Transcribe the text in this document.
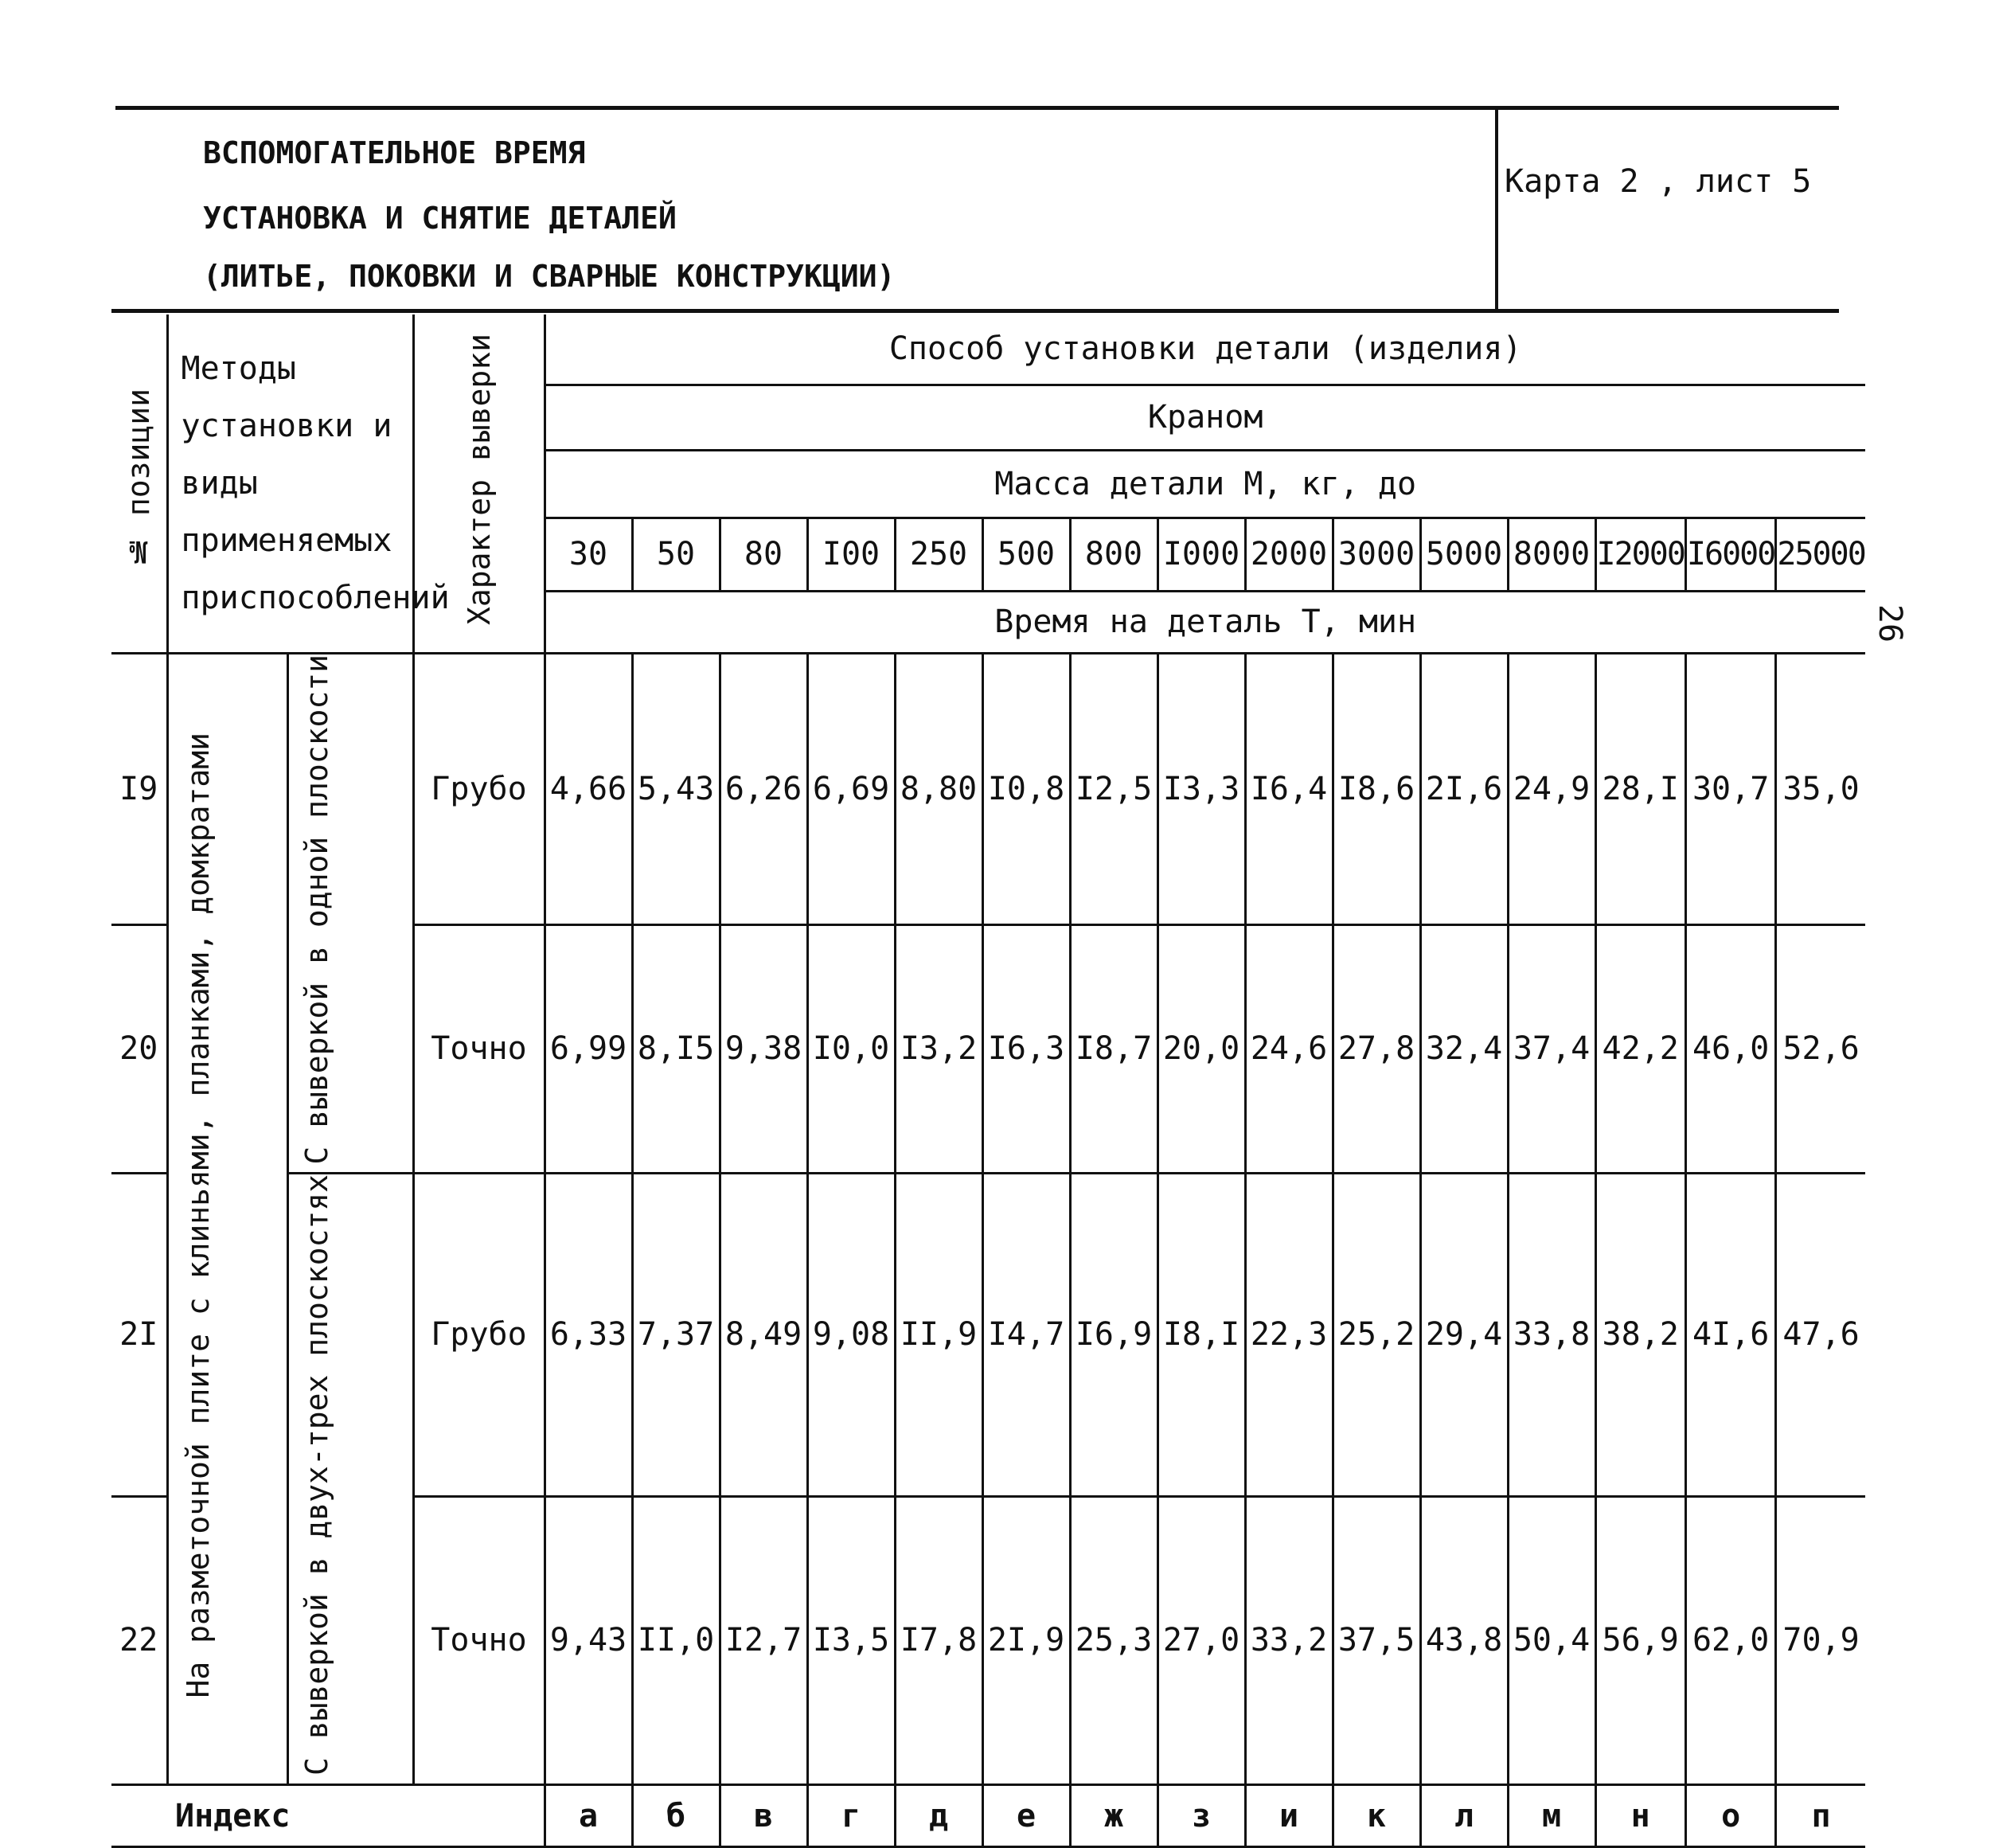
ВСПОМОГАТЕЛЬНОЕ ВРЕМЯ
УСТАНОВКА И СНЯТИЕ ДЕТАЛЕЙ
(ЛИТЬЕ, ПОКОВКИ И СВАРНЫЕ КОНСТРУКЦИИ)
Карта 2 , лист 5
26
№ позиции	Методы установки и виды применяемых приспособлений		Характер выверки	Способ установки детали (изделия)														
				Краном														
				Масса детали М, кг, до														
				30	50	80	I00	250	500	800	I000	2000	3000	5000	8000	I2000	I6000	25000
				Время на деталь Т, мин														
I9	На разметочной плите с клиньями, планками, домкратами	С выверкой в одной плоскости	Грубо	4,66	5,43	6,26	6,69	8,80	I0,8	I2,5	I3,3	I6,4	I8,6	2I,6	24,9	28,I	30,7	35,0
20			Точно	6,99	8,I5	9,38	I0,0	I3,2	I6,3	I8,7	20,0	24,6	27,8	32,4	37,4	42,2	46,0	52,6
2I		С выверкой в двух-трех плоскостях	Грубо	6,33	7,37	8,49	9,08	II,9	I4,7	I6,9	I8,I	22,3	25,2	29,4	33,8	38,2	4I,6	47,6
22			Точно	9,43	II,0	I2,7	I3,5	I7,8	2I,9	25,3	27,0	33,2	37,5	43,8	50,4	56,9	62,0	70,9
Индекс				а	б	в	г	д	е	ж	з	и	к	л	м	н	о	п
